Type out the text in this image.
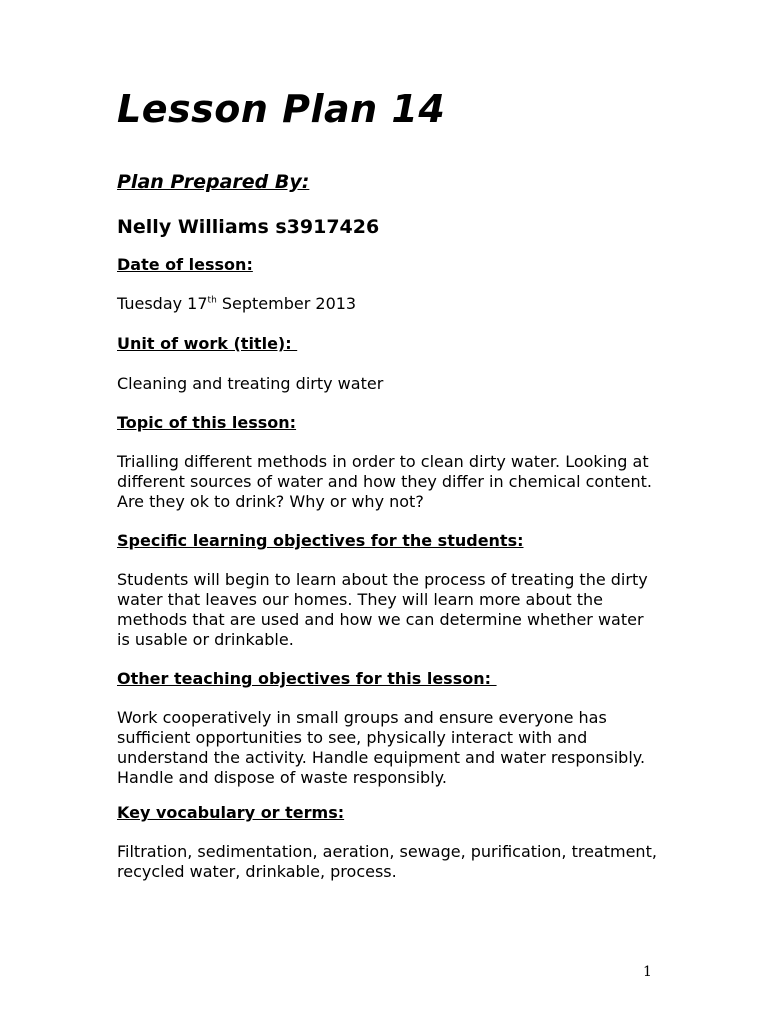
Lesson Plan 14
Plan Prepared By:
Nelly Williams s3917426
Date of lesson:
Tuesday 17th September 2013
Unit of work (title):
Cleaning and treating dirty water
Topic of this lesson:
Trialling different methods in order to clean dirty water. Looking at different sources of water and how they differ in chemical content. Are they ok to drink? Why or why not?
Specific learning objectives for the students:
Students will begin to learn about the process of treating the dirty water that leaves our homes. They will learn more about the methods that are used and how we can determine whether water is usable or drinkable.
Other teaching objectives for this lesson:
Work cooperatively in small groups and ensure everyone has sufficient opportunities to see, physically interact with and understand the activity. Handle equipment and water responsibly. Handle and dispose of waste responsibly.
Key vocabulary or terms:
Filtration, sedimentation, aeration, sewage, purification, treatment, recycled water, drinkable, process.
1
